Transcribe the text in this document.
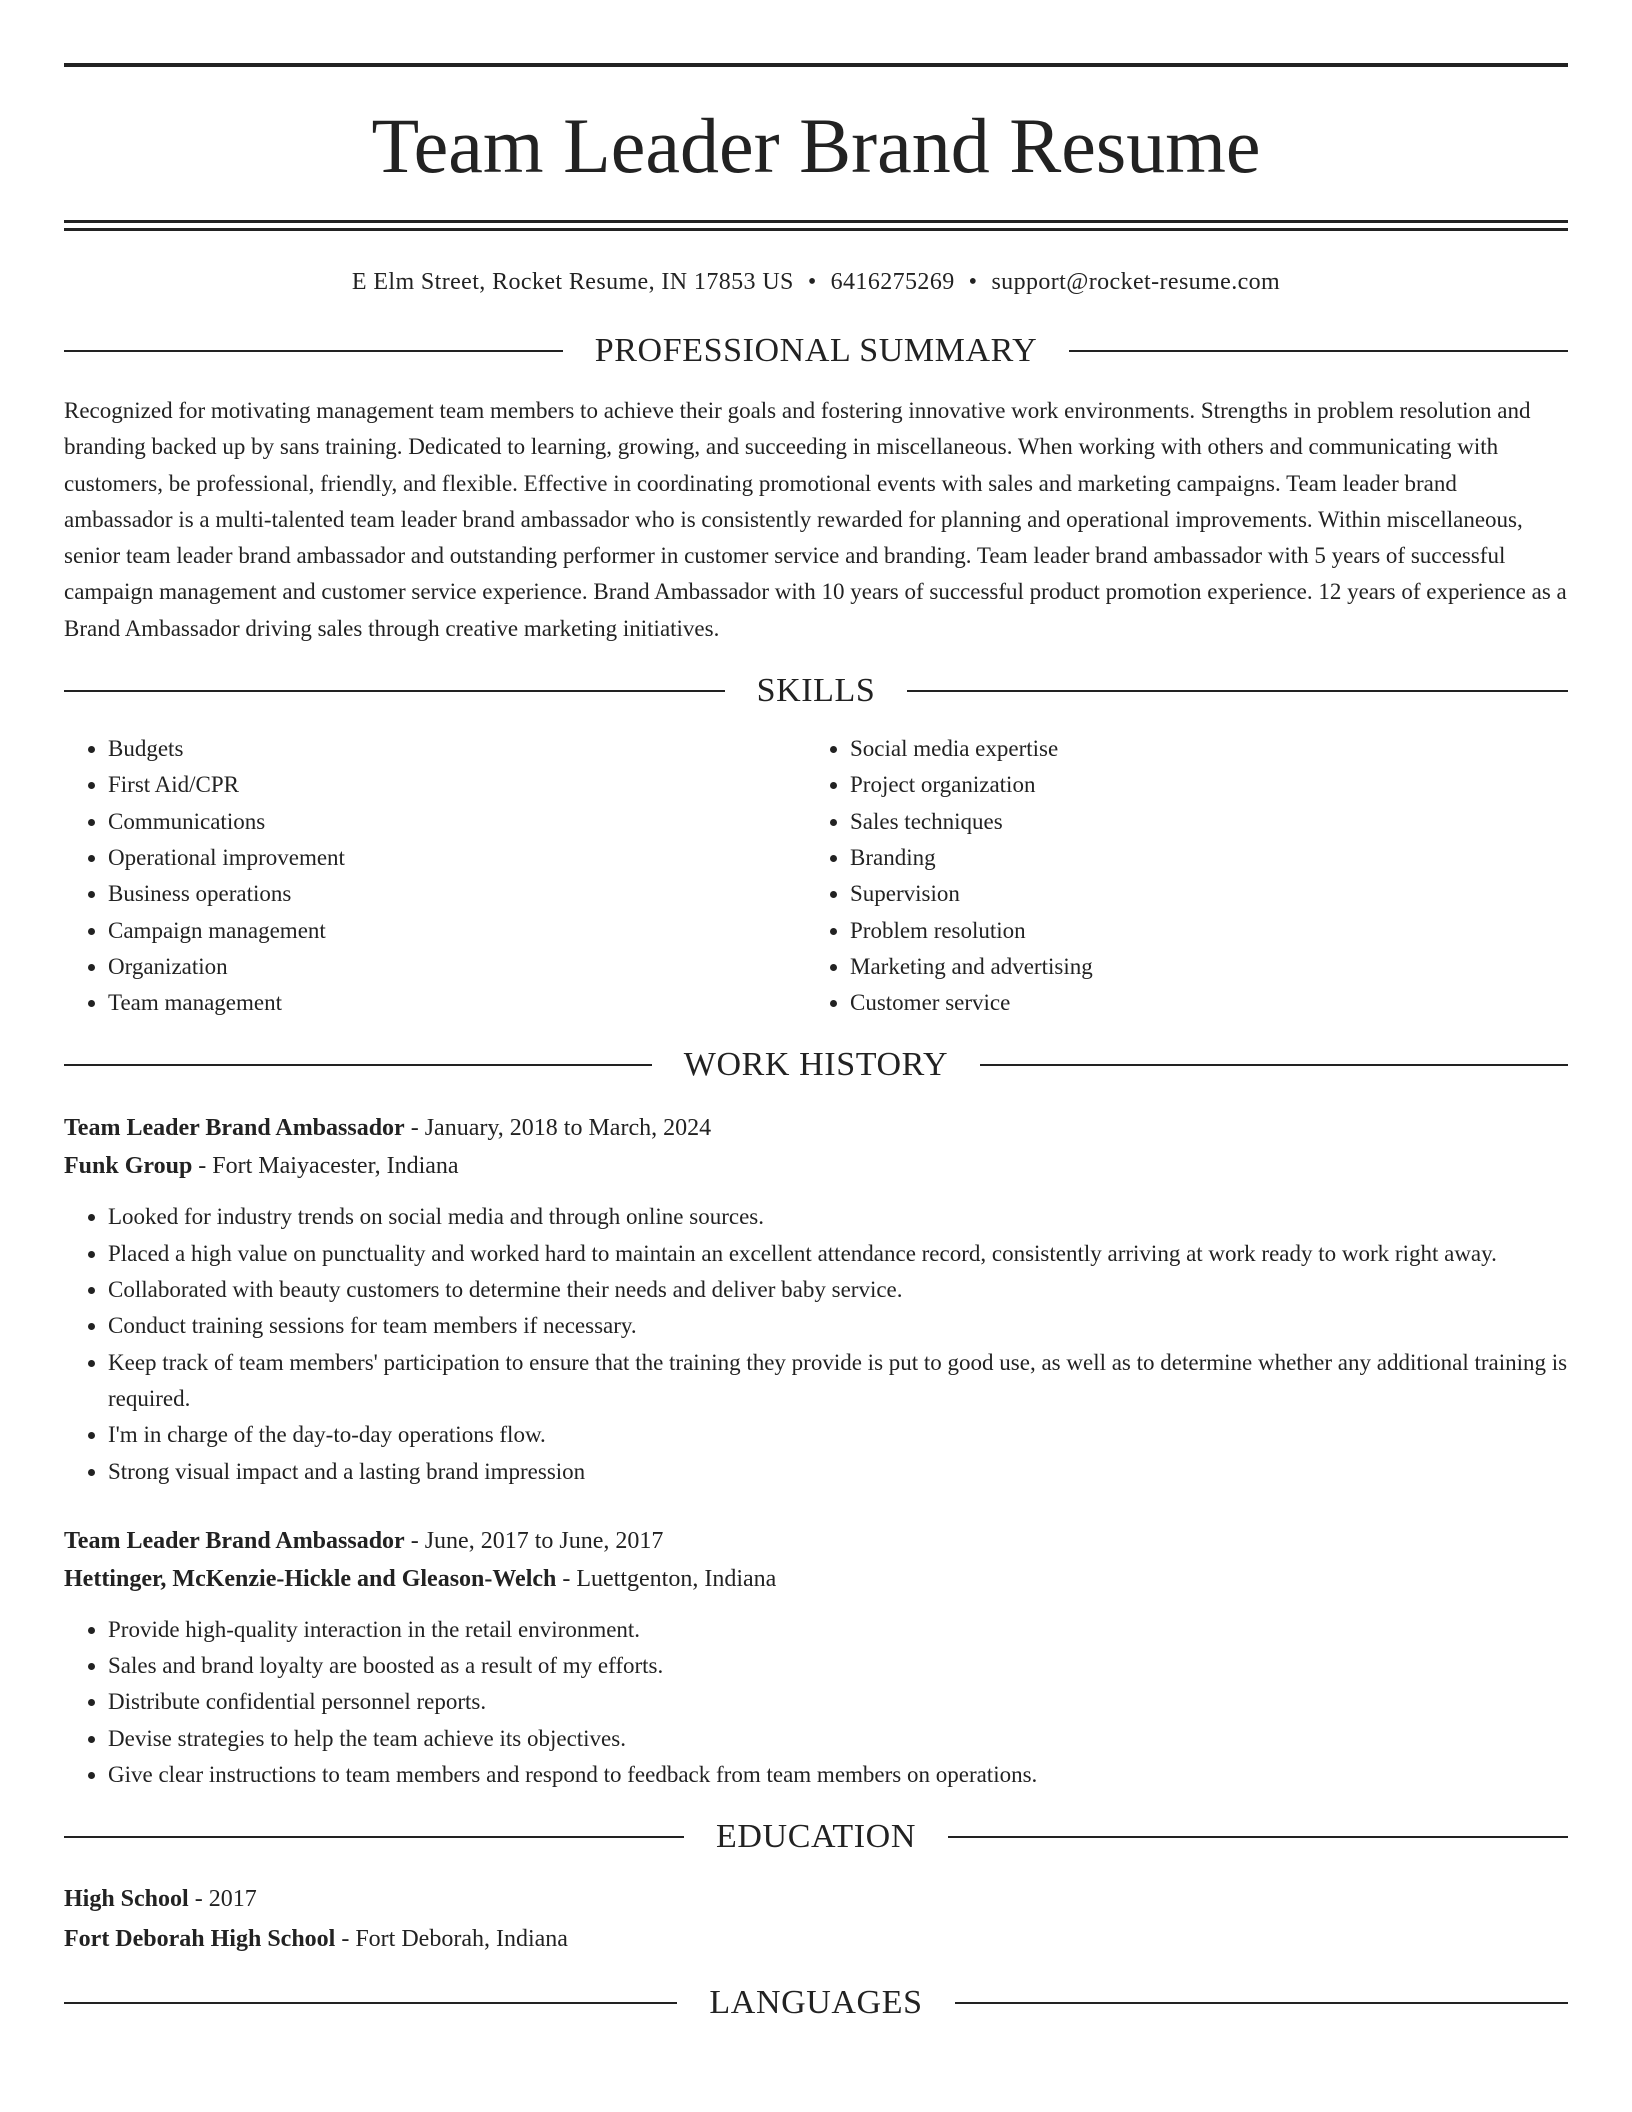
Team Leader Brand Resume
E Elm Street, Rocket Resume, IN 17853 US • 6416275269 • support@rocket-resume.com
PROFESSIONAL SUMMARY
Recognized for motivating management team members to achieve their goals and fostering innovative work environments. Strengths in problem resolution and branding backed up by sans training. Dedicated to learning, growing, and succeeding in miscellaneous. When working with others and communicating with customers, be professional, friendly, and flexible. Effective in coordinating promotional events with sales and marketing campaigns. Team leader brand ambassador is a multi-talented team leader brand ambassador who is consistently rewarded for planning and operational improvements. Within miscellaneous, senior team leader brand ambassador and outstanding performer in customer service and branding. Team leader brand ambassador with 5 years of successful campaign management and customer service experience. Brand Ambassador with 10 years of successful product promotion experience. 12 years of experience as a Brand Ambassador driving sales through creative marketing initiatives.
SKILLS
• Budgets
• First Aid/CPR
• Communications
• Operational improvement
• Business operations
• Campaign management
• Organization
• Team management
• Social media expertise
• Project organization
• Sales techniques
• Branding
• Supervision
• Problem resolution
• Marketing and advertising
• Customer service
WORK HISTORY
Team Leader Brand Ambassador - January, 2018 to March, 2024
Funk Group - Fort Maiyacester, Indiana
• Looked for industry trends on social media and through online sources.
• Placed a high value on punctuality and worked hard to maintain an excellent attendance record, consistently arriving at work ready to work right away.
• Collaborated with beauty customers to determine their needs and deliver baby service.
• Conduct training sessions for team members if necessary.
• Keep track of team members' participation to ensure that the training they provide is put to good use, as well as to determine whether any additional training is required.
• I'm in charge of the day-to-day operations flow.
• Strong visual impact and a lasting brand impression
Team Leader Brand Ambassador - June, 2017 to June, 2017
Hettinger, McKenzie-Hickle and Gleason-Welch - Luettgenton, Indiana
• Provide high-quality interaction in the retail environment.
• Sales and brand loyalty are boosted as a result of my efforts.
• Distribute confidential personnel reports.
• Devise strategies to help the team achieve its objectives.
• Give clear instructions to team members and respond to feedback from team members on operations.
EDUCATION
High School - 2017
Fort Deborah High School - Fort Deborah, Indiana
LANGUAGES
